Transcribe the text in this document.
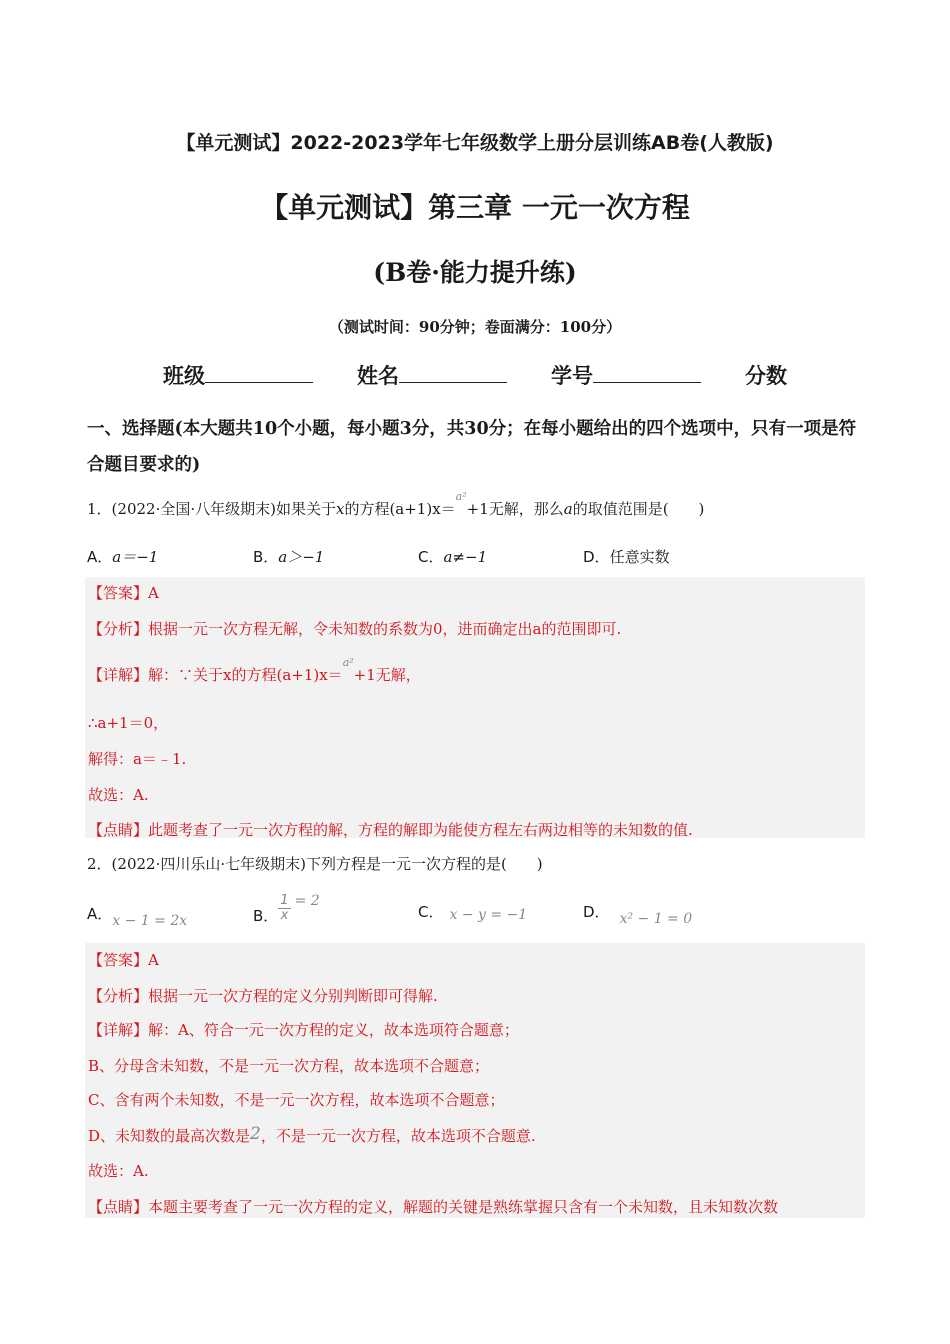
【单元测试】2022-2023学年七年级数学上册分层训练AB卷(人教版)
【单元测试】第三章 一元一次方程
(B卷·能力提升练)
（测试时间：90分钟；卷面满分：100分）
班级	姓名	学号	分数
一、选择题(本大题共10个小题，每小题3分，共30分；在每小题给出的四个选项中，只有一项是符合题目要求的)
1．(2022·全国·八年级期末)如果关于x的方程(a+1)x＝$^{a^2}$+1无解，那么a的取值范围是(　　)
A．a＝−1	B．a＞−1	C．a≠−1	D．任意实数
【答案】A
【分析】根据一元一次方程无解，令未知数的系数为0，进而确定出a的范围即可.
【详解】解：∵关于x的方程(a+1)x＝$^{a^2}$+1无解，
∴a+1＝0，
解得：a＝﹣1.
故选：A.
【点睛】此题考查了一元一次方程的解，方程的解即为能使方程左右两边相等的未知数的值.
2．(2022·四川乐山·七年级期末)下列方程是一元一次方程的是(　　)
A．x − 1 = 2x	B． $\frac{1}{x} = 2$
C． x − y = −1	D． x² − 1 = 0
【答案】A
【分析】根据一元一次方程的定义分别判断即可得解.
【详解】解：A、符合一元一次方程的定义，故本选项符合题意；
B、分母含未知数，不是一元一次方程，故本选项不合题意；
C、含有两个未知数，不是一元一次方程，故本选项不合题意；
D、未知数的最高次数是2，不是一元一次方程，故本选项不合题意.
故选：A.
【点睛】本题主要考查了一元一次方程的定义，解题的关键是熟练掌握只含有一个未知数，且未知数次数
